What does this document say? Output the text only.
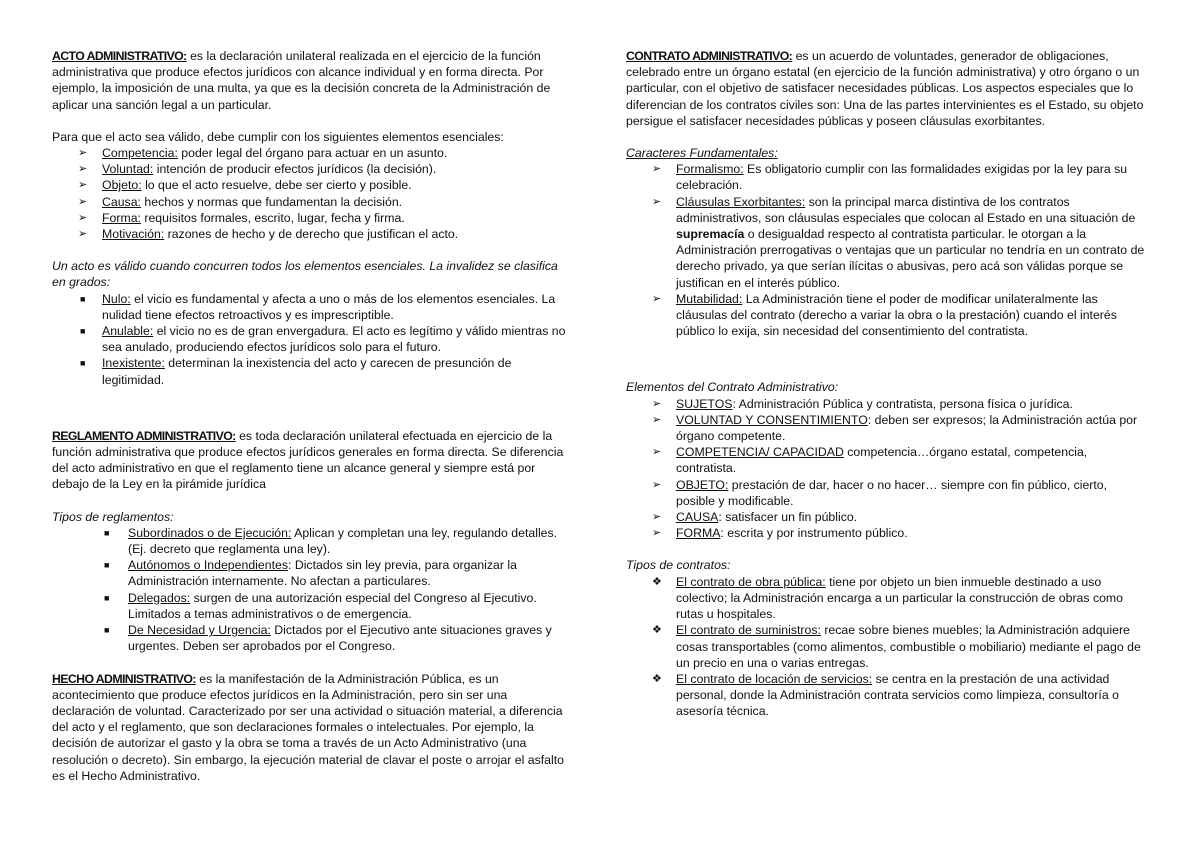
ACTO ADMINISTRATIVO: es la declaración unilateral realizada en el ejercicio de la función administrativa que produce efectos jurídicos con alcance individual y en forma directa. Por ejemplo, la imposición de una multa, ya que es la decisión concreta de la Administración de aplicar una sanción legal a un particular.

Para que el acto sea válido, debe cumplir con los siguientes elementos esenciales:

➢ Competencia: poder legal del órgano para actuar en un asunto.
➢ Voluntad: intención de producir efectos jurídicos (la decisión).
➢ Objeto: lo que el acto resuelve, debe ser cierto y posible.
➢ Causa: hechos y normas que fundamentan la decisión.
➢ Forma: requisitos formales, escrito, lugar, fecha y firma.
➢ Motivación: razones de hecho y de derecho que justifican el acto.

Un acto es válido cuando concurren todos los elementos esenciales. La invalidez se clasifica en grados:

■ Nulo: el vicio es fundamental y afecta a uno o más de los elementos esenciales. La nulidad tiene efectos retroactivos y es imprescriptible.
■ Anulable: el vicio no es de gran envergadura. El acto es legítimo y válido mientras no sea anulado, produciendo efectos jurídicos solo para el futuro.
■ Inexistente: determinan la inexistencia del acto y carecen de presunción de legitimidad.

REGLAMENTO ADMINISTRATIVO: es toda declaración unilateral efectuada en ejercicio de la función administrativa que produce efectos jurídicos generales en forma directa. Se diferencia del acto administrativo en que el reglamento tiene un alcance general y siempre está por debajo de la Ley en la pirámide jurídica

Tipos de reglamentos:

■ Subordinados o de Ejecución: Aplican y completan una ley, regulando detalles. (Ej. decreto que reglamenta una ley).
■ Autónomos o Independientes: Dictados sin ley previa, para organizar la Administración internamente. No afectan a particulares.
■ Delegados: surgen de una autorización especial del Congreso al Ejecutivo. Limitados a temas administrativos o de emergencia.
■ De Necesidad y Urgencia: Dictados por el Ejecutivo ante situaciones graves y urgentes. Deben ser aprobados por el Congreso.

HECHO ADMINISTRATIVO: es la manifestación de la Administración Pública, es un acontecimiento que produce efectos jurídicos en la Administración, pero sin ser una declaración de voluntad. Caracterizado por ser una actividad o situación material, a diferencia del acto y el reglamento, que son declaraciones formales o intelectuales. Por ejemplo, la decisión de autorizar el gasto y la obra se toma a través de un Acto Administrativo (una resolución o decreto). Sin embargo, la ejecución material de clavar el poste o arrojar el asfalto es el Hecho Administrativo.

CONTRATO ADMINISTRATIVO: es un acuerdo de voluntades, generador de obligaciones, celebrado entre un órgano estatal (en ejercicio de la función administrativa) y otro órgano o un particular, con el objetivo de satisfacer necesidades públicas. Los aspectos especiales que lo diferencian de los contratos civiles son: Una de las partes intervinientes es el Estado, su objeto persigue el satisfacer necesidades públicas y poseen cláusulas exorbitantes.

Caracteres Fundamentales:

➢ Formalismo: Es obligatorio cumplir con las formalidades exigidas por la ley para su celebración.
➢ Cláusulas Exorbitantes: son la principal marca distintiva de los contratos administrativos, son cláusulas especiales que colocan al Estado en una situación de supremacía o desigualdad respecto al contratista particular. le otorgan a la Administración prerrogativas o ventajas que un particular no tendría en un contrato de derecho privado, ya que serían ilícitas o abusivas, pero acá son válidas porque se justifican en el interés público.
➢ Mutabilidad: La Administración tiene el poder de modificar unilateralmente las cláusulas del contrato (derecho a variar la obra o la prestación) cuando el interés público lo exija, sin necesidad del consentimiento del contratista.

Elementos del Contrato Administrativo:

➢ SUJETOS: Administración Pública y contratista, persona física o jurídica.
➢ VOLUNTAD Y CONSENTIMIENTO: deben ser expresos; la Administración actúa por órgano competente.
➢ COMPETENCIA/ CAPACIDAD competencia…órgano estatal, competencia, contratista.
➢ OBJETO: prestación de dar, hacer o no hacer… siempre con fin público, cierto, posible y modificable.
➢ CAUSA: satisfacer un fin público.
➢ FORMA: escrita y por instrumento público.

Tipos de contratos:

❖ El contrato de obra pública: tiene por objeto un bien inmueble destinado a uso colectivo; la Administración encarga a un particular la construcción de obras como rutas u hospitales.
❖ El contrato de suministros: recae sobre bienes muebles; la Administración adquiere cosas transportables (como alimentos, combustible o mobiliario) mediante el pago de un precio en una o varias entregas.
❖ El contrato de locación de servicios: se centra en la prestación de una actividad personal, donde la Administración contrata servicios como limpieza, consultoría o asesoría técnica.
